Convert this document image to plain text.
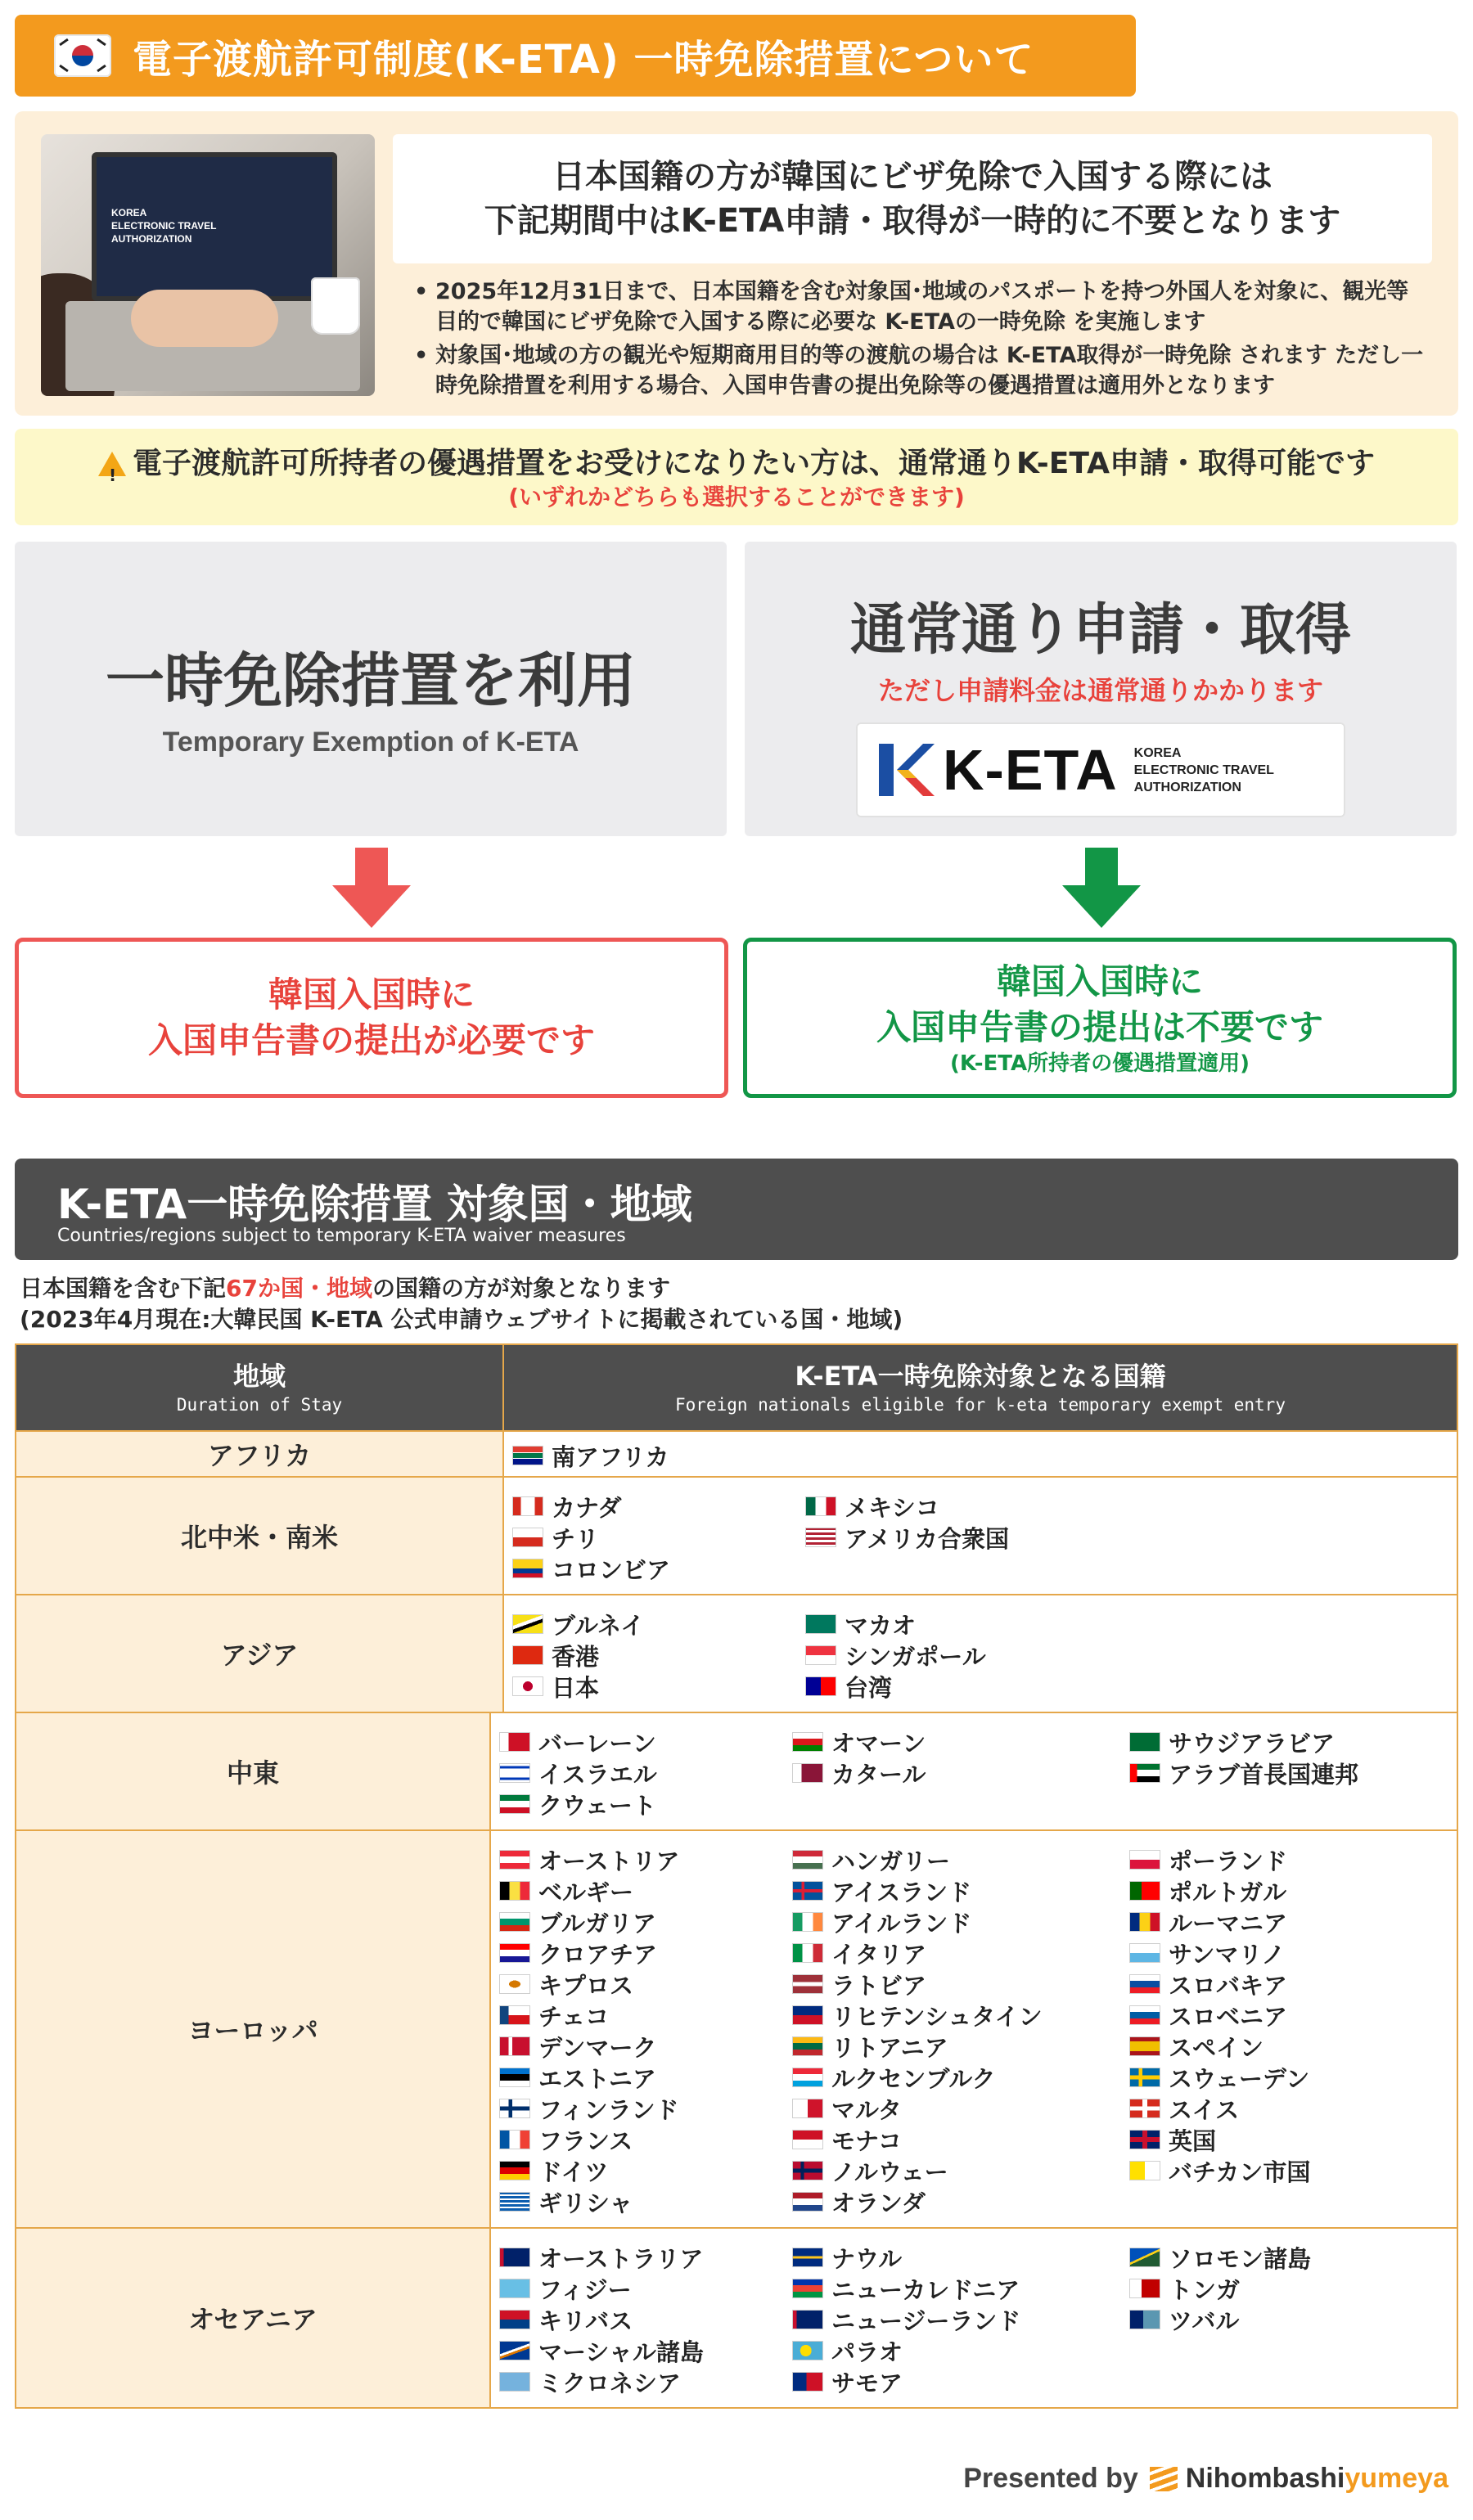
電子渡航許可制度(K-ETA) 一時免除措置について
KOREA
ELECTRONIC TRAVEL
AUTHORIZATION
日本国籍の方が韓国にビザ免除で入国する際には
下記期間中はK-ETA申請・取得が一時的に不要となります
• 2025年12月31日まで、日本国籍を含む対象国･地域のパスポートを持つ外国人を対象に、観光等目的で韓国にビザ免除で入国する際に必要な K-ETAの一時免除 を実施します
• 対象国･地域の方の観光や短期商用目的等の渡航の場合は K-ETA取得が一時免除 されます ただし一時免除措置を利用する場合、入国申告書の提出免除等の優遇措置は適用外となります
! 電子渡航許可所持者の優遇措置をお受けになりたい方は、通常通りK-ETA申請・取得可能です
(いずれかどちらも選択することができます)
一時免除措置を利用
Temporary Exemption of K-ETA
通常通り申請・取得
ただし申請料金は通常通りかかります
K-ETA KOREA
ELECTRONIC TRAVEL
AUTHORIZATION
韓国入国時に
入国申告書の提出が必要です
韓国入国時に
入国申告書の提出は不要です
(K-ETA所持者の優遇措置適用)
K-ETA一時免除措置 対象国・地域
Countries/regions subject to temporary K-ETA waiver measures
日本国籍を含む下記67か国・地域の国籍の方が対象となります
(2023年4月現在:大韓民国 K-ETA 公式申請ウェブサイトに掲載されている国・地域)
地域
Duration of Stay
K-ETA一時免除対象となる国籍
Foreign nationals eligible for k-eta temporary exempt entry
アフリカ	南アフリカ
北中米・南米
カナダ
チリ
コロンビア
メキシコ
アメリカ合衆国
アジア
ブルネイ
香港
日本
マカオ
シンガポール
台湾
中東
バーレーン
イスラエル
クウェート
オマーン
カタール
サウジアラビア
アラブ首長国連邦
ヨーロッパ
オーストリア
ベルギー
ブルガリア
クロアチア
キプロス
チェコ
デンマーク
エストニア
フィンランド
フランス
ドイツ
ギリシャ
ハンガリー
アイスランド
アイルランド
イタリア
ラトビア
リヒテンシュタイン
リトアニア
ルクセンブルク
マルタ
モナコ
ノルウェー
オランダ
ポーランド
ポルトガル
ルーマニア
サンマリノ
スロバキア
スロベニア
スペイン
スウェーデン
スイス
英国
バチカン市国
オセアニア
オーストラリア
フィジー
キリバス
マーシャル諸島
ミクロネシア
ナウル
ニューカレドニア
ニュージーランド
パラオ
サモア
ソロモン諸島
トンガ
ツバル
Presented by Nihombashiyumeya
